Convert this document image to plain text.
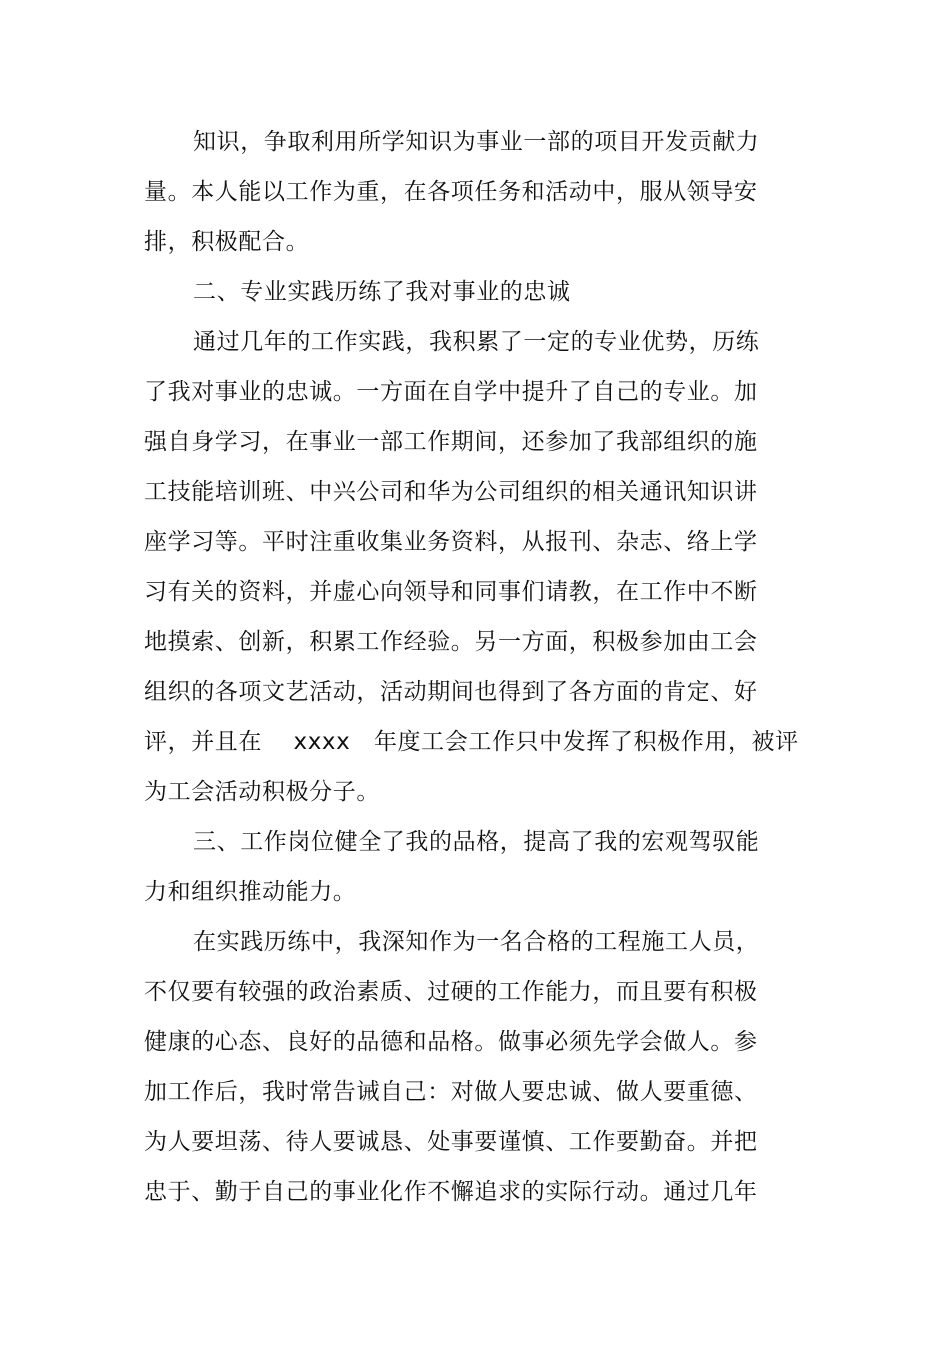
知识，争取利用所学知识为事业一部的项目开发贡献力
量。本人能以工作为重，在各项任务和活动中，服从领导安
排，积极配合。
二、专业实践历练了我对事业的忠诚
通过几年的工作实践，我积累了一定的专业优势，历练
了我对事业的忠诚。一方面在自学中提升了自己的专业。加
强自身学习，在事业一部工作期间，还参加了我部组织的施
工技能培训班、中兴公司和华为公司组织的相关通讯知识讲
座学习等。平时注重收集业务资料，从报刊、杂志、络上学
习有关的资料，并虚心向领导和同事们请教，在工作中不断
地摸索、创新，积累工作经验。另一方面，积极参加由工会
组织的各项文艺活动，活动期间也得到了各方面的肯定、好
评，并且在　 xxxx　年度工会工作只中发挥了积极作用，被评
为工会活动积极分子。
三、工作岗位健全了我的品格，提高了我的宏观驾驭能
力和组织推动能力。
在实践历练中，我深知作为一名合格的工程施工人员，
不仅要有较强的政治素质、过硬的工作能力，而且要有积极
健康的心态、良好的品德和品格。做事必须先学会做人。参
加工作后，我时常告诫自己：对做人要忠诚、做人要重德、
为人要坦荡、待人要诚恳、处事要谨慎、工作要勤奋。并把
忠于、勤于自己的事业化作不懈追求的实际行动。通过几年
